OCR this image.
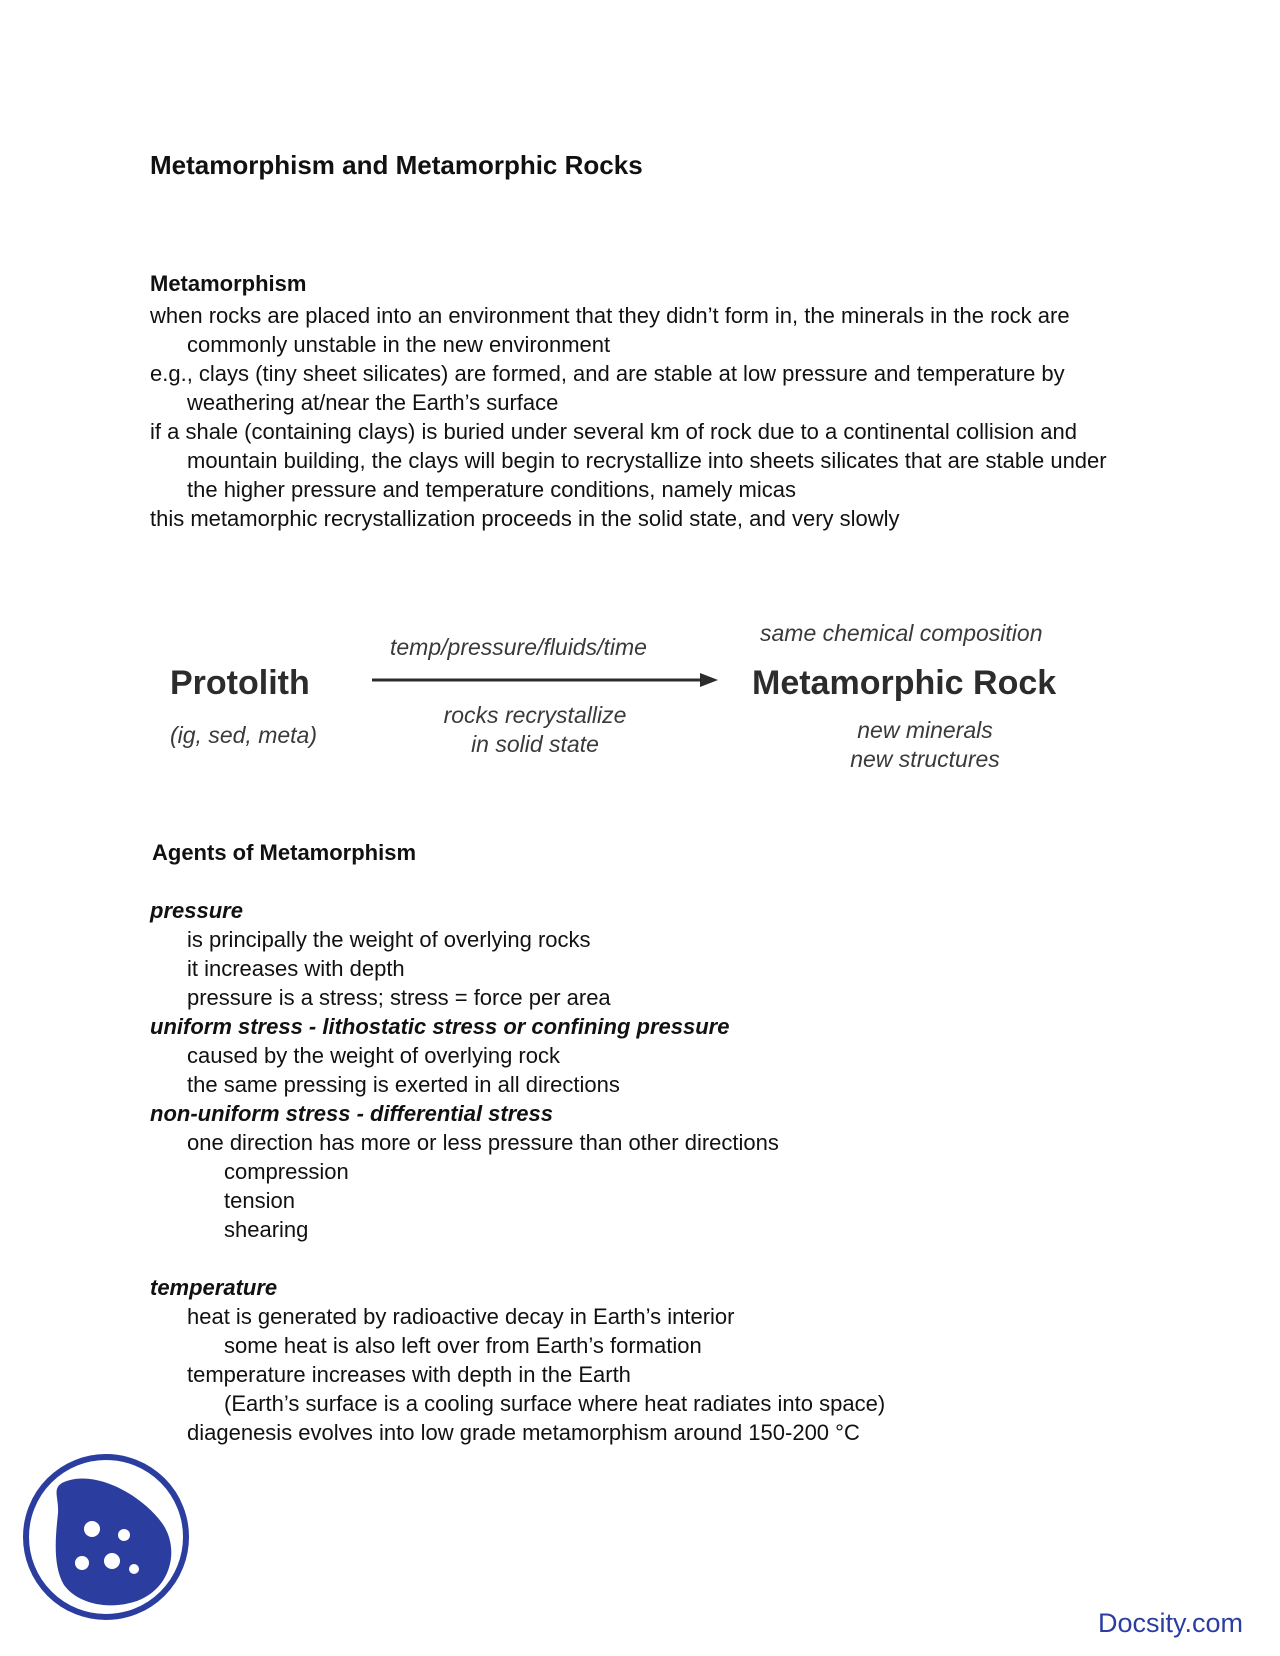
Metamorphism and Metamorphic Rocks
Metamorphism

when rocks are placed into an environment that they didn’t form in, the minerals in the rock are commonly unstable in the new environment

e.g., clays (tiny sheet silicates) are formed, and are stable at low pressure and temperature by weathering at/near the Earth’s surface

if a shale (containing clays) is buried under several km of rock due to a continental collision and mountain building, the clays will begin to recrystallize into sheets silicates that are stable under the higher pressure and temperature conditions, namely micas

this metamorphic recrystallization proceeds in the solid state, and very slowly

Protolith
(ig, sed, meta)
temp/pressure/fluids/time
rocks recrystallize
in solid state
same chemical composition
Metamorphic Rock
new minerals
new structures
Agents of Metamorphism
pressure
is principally the weight of overlying rocks
it increases with depth
pressure is a stress; stress = force per area
uniform stress - lithostatic stress or confining pressure
caused by the weight of overlying rock
the same pressing is exerted in all directions
non-uniform stress - differential stress
one direction has more or less pressure than other directions
compression
tension
shearing
temperature
heat is generated by radioactive decay in Earth’s interior
some heat is also left over from Earth’s formation
temperature increases with depth in the Earth
(Earth’s surface is a cooling surface where heat radiates into space)
diagenesis evolves into low grade metamorphism around 150-200 °C
Docsity.com
